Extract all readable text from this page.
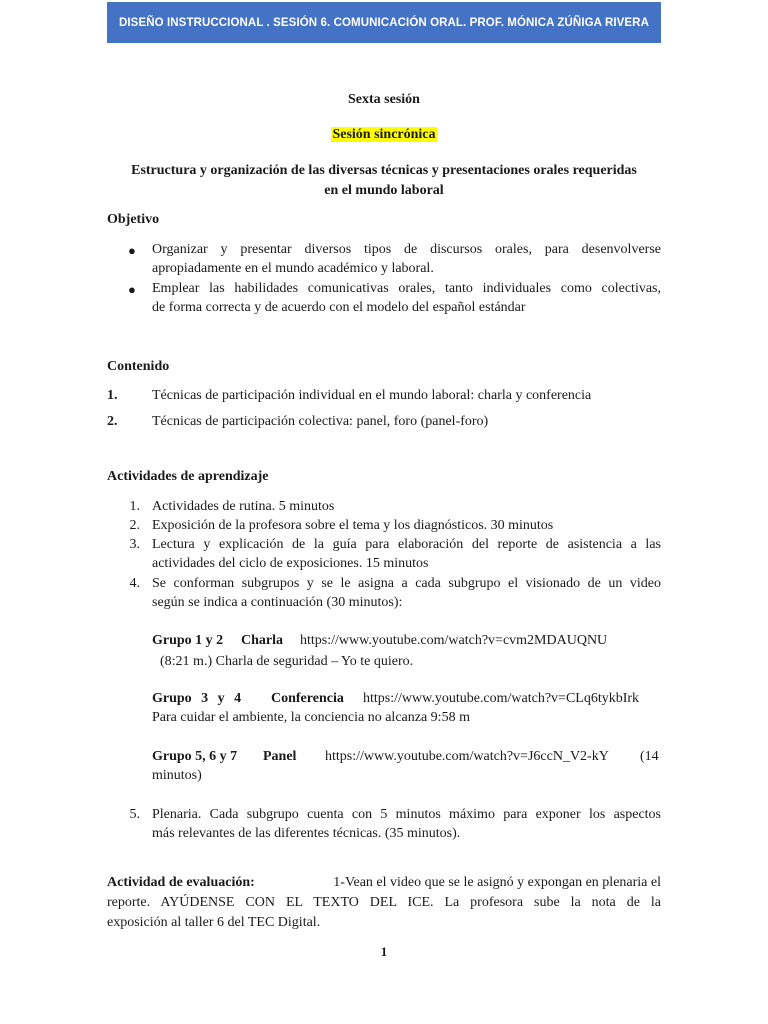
DISEÑO INSTRUCCIONAL . SESIÓN 6. COMUNICACIÓN ORAL. PROF. MÓNICA ZÚÑIGA RIVERA
Sexta sesión
Sesión sincrónica
Estructura y organización de las diversas técnicas y presentaciones orales requeridas
en el mundo laboral
Objetivo
● Organizar y presentar diversos tipos de discursos orales, para desenvolverse
apropiadamente en el mundo académico y laboral.
● Emplear las habilidades comunicativas orales, tanto individuales como colectivas,
de forma correcta y de acuerdo con el modelo del español estándar
Contenido
1. Técnicas de participación individual en el mundo laboral: charla y conferencia
2. Técnicas de participación colectiva: panel, foro (panel-foro)
Actividades de aprendizaje
1. Actividades de rutina. 5 minutos
2. Exposición de la profesora sobre el tema y los diagnósticos. 30 minutos
3. Lectura y explicación de la guía para elaboración del reporte de asistencia a las
actividades del ciclo de exposiciones. 15 minutos
4. Se conforman subgrupos y se le asigna a cada subgrupo el visionado de un video
según se indica a continuación (30 minutos):
Grupo 1 y 2 Charla https://www.youtube.com/watch?v=cvm2MDAUQNU
(8:21 m.) Charla de seguridad – Yo te quiero.
Grupo 3 y 4 Conferencia https://www.youtube.com/watch?v=CLq6tykbIrk
Para cuidar el ambiente, la conciencia no alcanza 9:58 m
Grupo 5, 6 y 7 Panel https://www.youtube.com/watch?v=J6ccN_V2-kY (14
minutos)
5. Plenaria. Cada subgrupo cuenta con 5 minutos máximo para exponer los aspectos
más relevantes de las diferentes técnicas. (35 minutos).
Actividad de evaluación:	1-Vean el video que se le asignó y expongan en plenaria el
reporte. AYÚDENSE CON EL TEXTO DEL ICE. La profesora sube la nota de la
exposición al taller 6 del TEC Digital.
1
